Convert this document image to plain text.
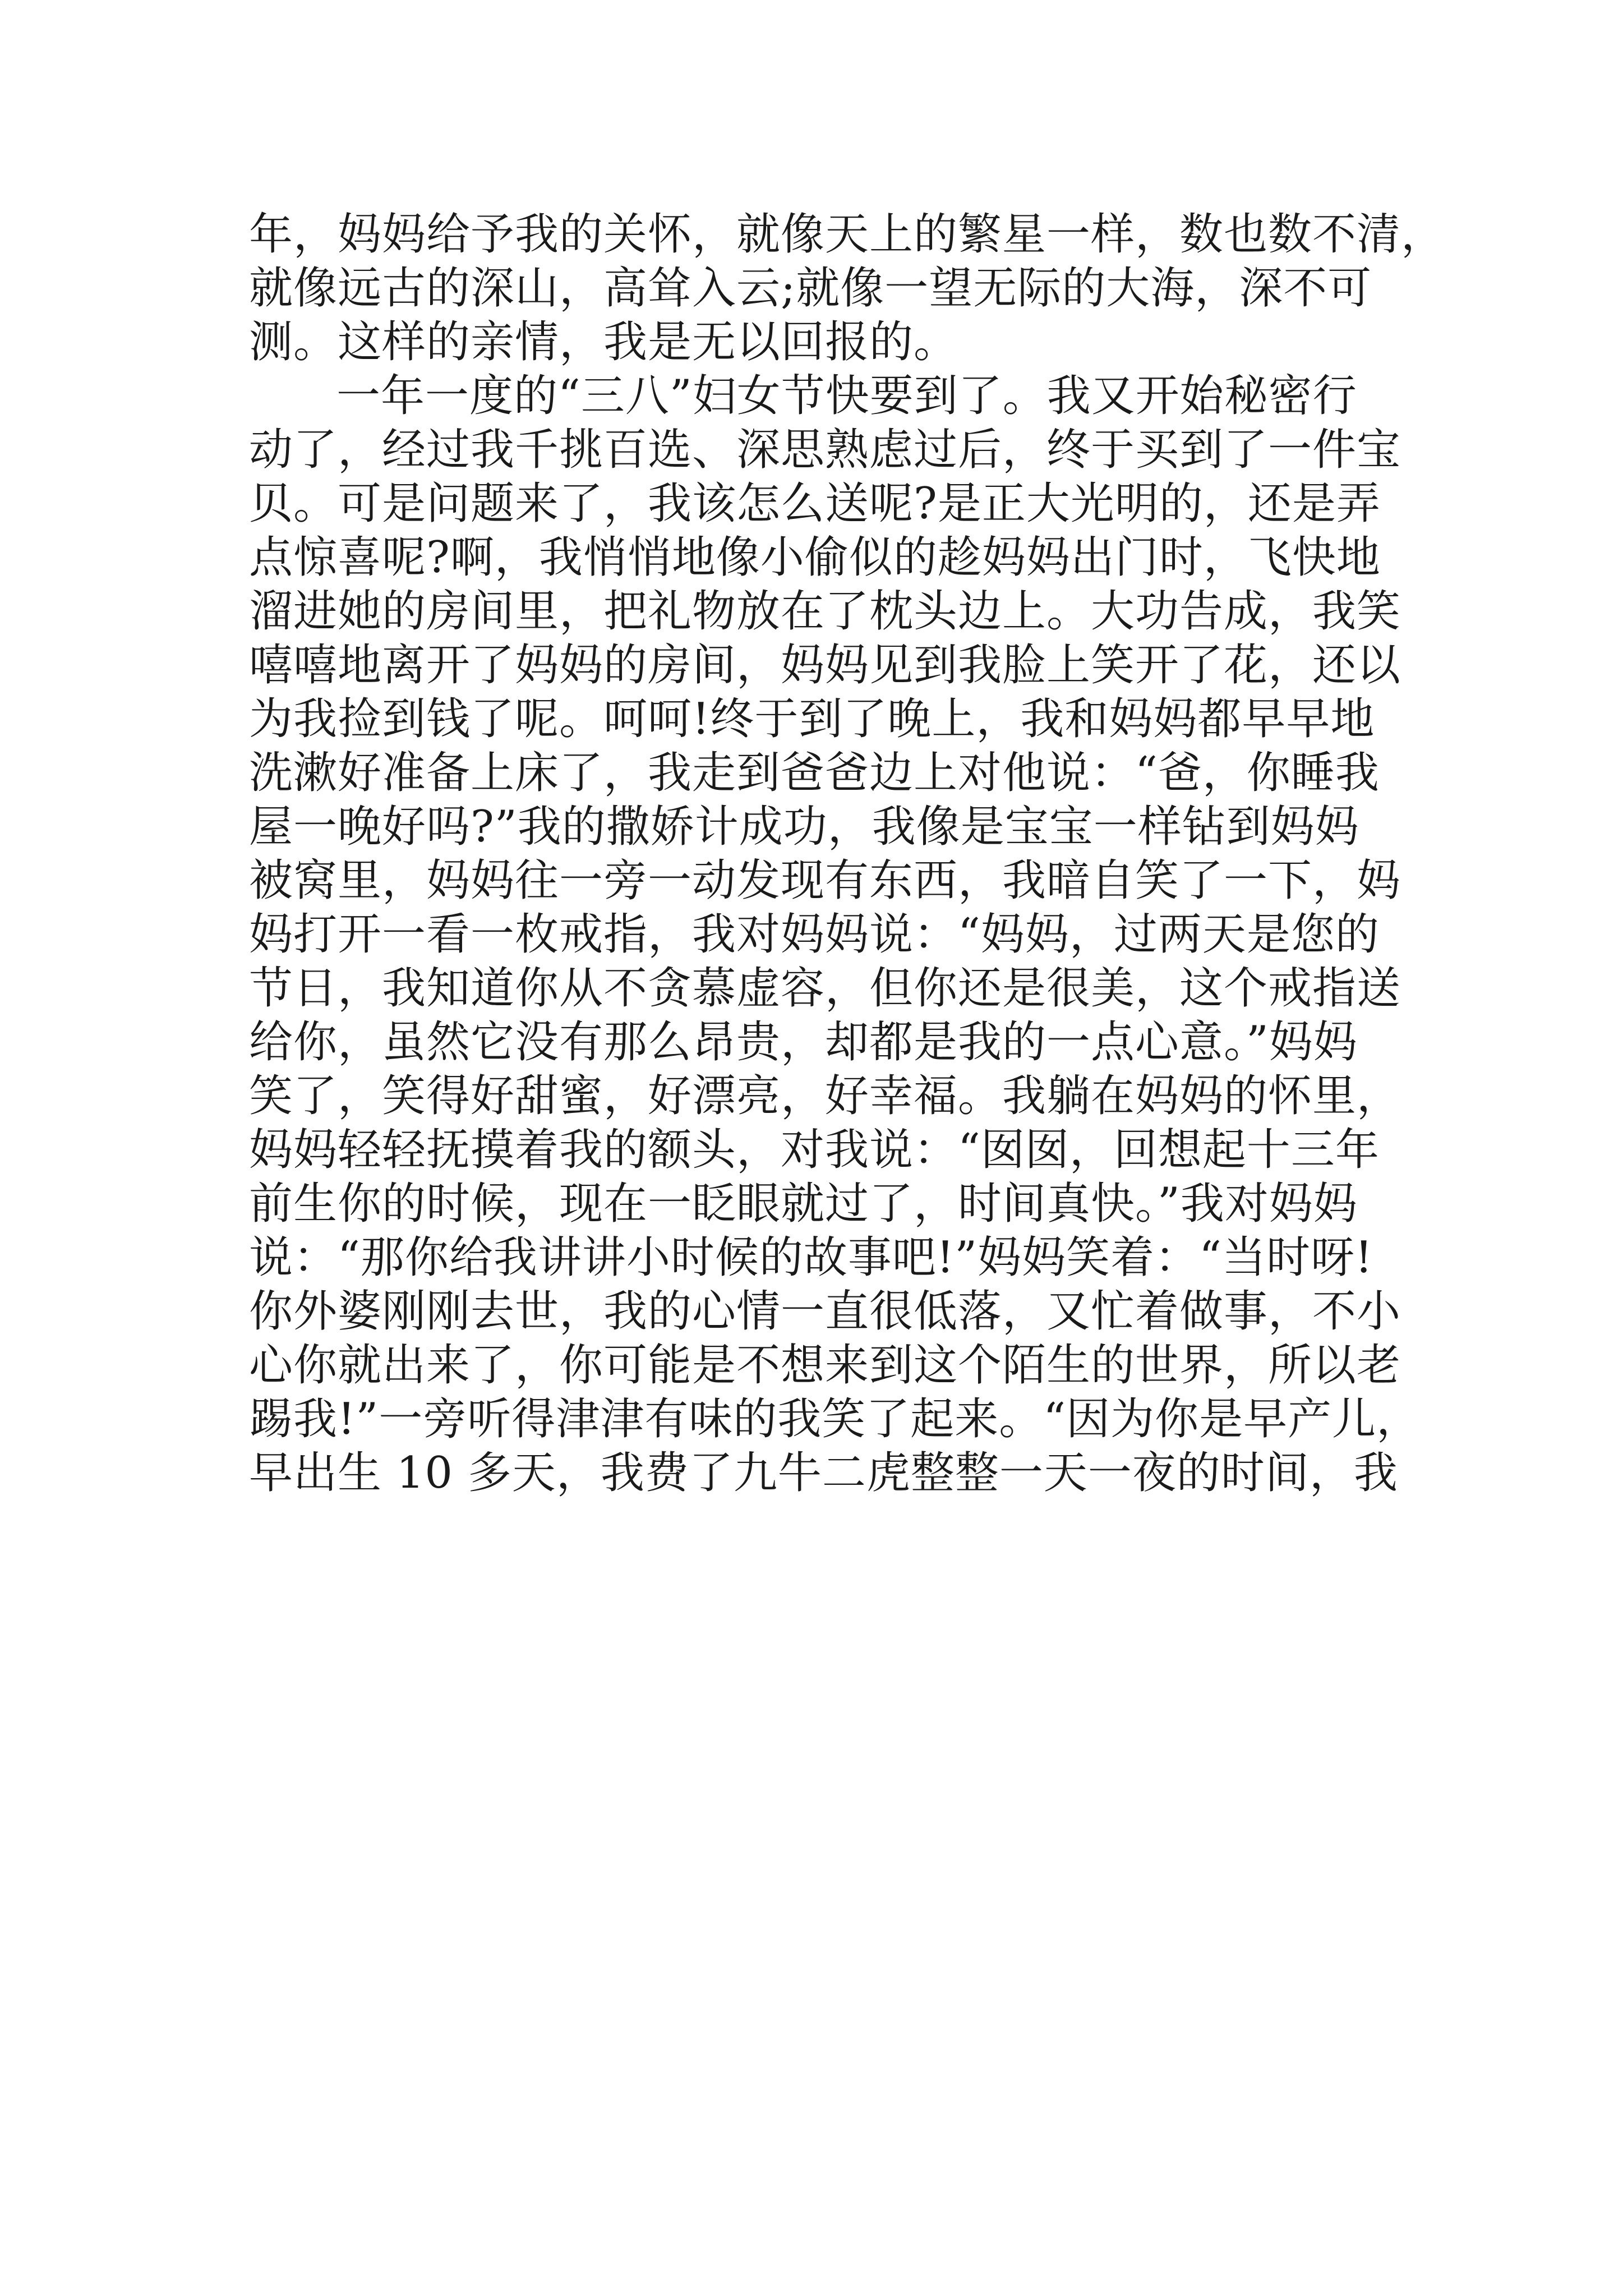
年，妈妈给予我的关怀，就像天上的繁星一样，数也数不清，
就像远古的深山，高耸入云;就像一望无际的大海，深不可
测。这样的亲情，我是无以回报的。
一年一度的“三八”妇女节快要到了。我又开始秘密行
动了，经过我千挑百选、深思熟虑过后，终于买到了一件宝
贝。可是问题来了，我该怎么送呢?是正大光明的，还是弄
点惊喜呢?啊，我悄悄地像小偷似的趁妈妈出门时，飞快地
溜进她的房间里，把礼物放在了枕头边上。大功告成，我笑
嘻嘻地离开了妈妈的房间，妈妈见到我脸上笑开了花，还以
为我捡到钱了呢。呵呵!终于到了晚上，我和妈妈都早早地
洗漱好准备上床了，我走到爸爸边上对他说：“爸，你睡我
屋一晚好吗?”我的撒娇计成功，我像是宝宝一样钻到妈妈
被窝里，妈妈往一旁一动发现有东西，我暗自笑了一下，妈
妈打开一看一枚戒指，我对妈妈说：“妈妈，过两天是您的
节日，我知道你从不贪慕虚容，但你还是很美，这个戒指送
给你，虽然它没有那么昂贵，却都是我的一点心意。”妈妈
笑了，笑得好甜蜜，好漂亮，好幸福。我躺在妈妈的怀里，
妈妈轻轻抚摸着我的额头，对我说：“囡囡，回想起十三年
前生你的时候，现在一眨眼就过了，时间真快。”我对妈妈
说：“那你给我讲讲小时候的故事吧!”妈妈笑着：“当时呀!
你外婆刚刚去世，我的心情一直很低落，又忙着做事，不小
心你就出来了，你可能是不想来到这个陌生的世界，所以老
踢我!”一旁听得津津有味的我笑了起来。“因为你是早产儿，
早出生 10 多天，我费了九牛二虎整整一天一夜的时间，我
